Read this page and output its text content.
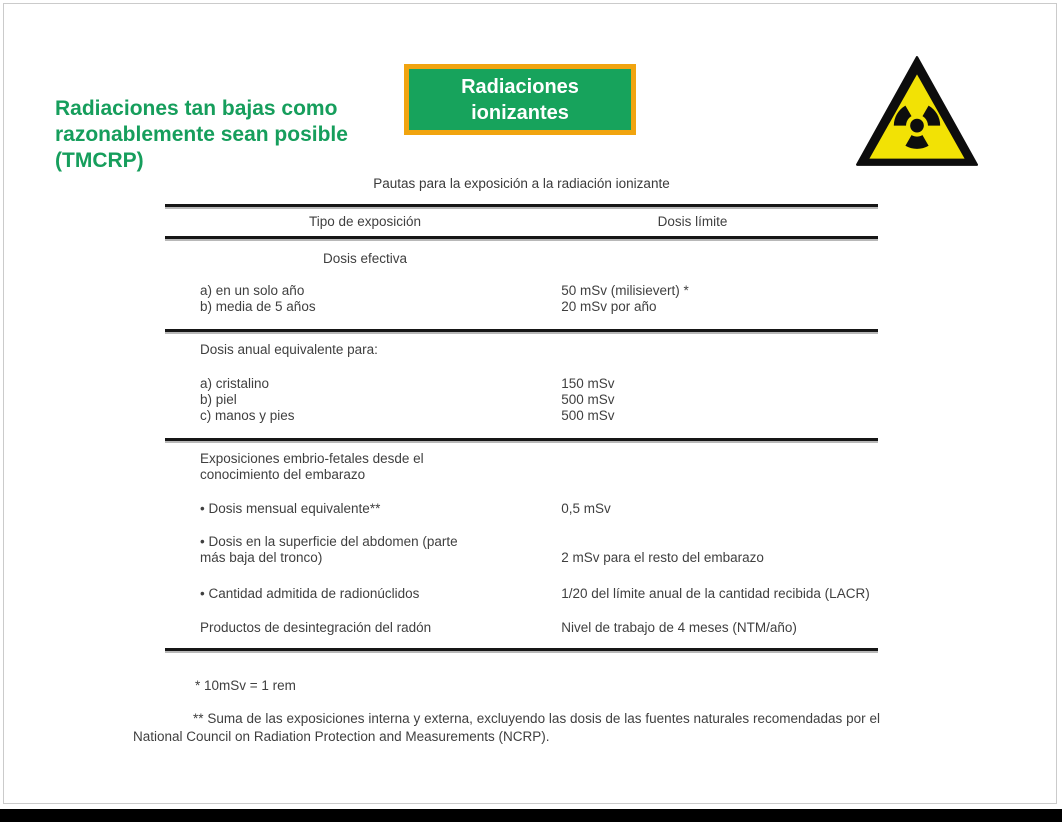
Radiaciones tan bajas como razonablemente sean posible (TMCRP)
Radiaciones ionizantes
Pautas para la exposición a la radiación ionizante
Tipo de exposición	Dosis límite
Dosis efectiva
a) en un solo año	50 mSv (milisievert) *
b) media de 5 años	20 mSv por año
Dosis anual equivalente para:
a) cristalino	150 mSv
b) piel	500 mSv
c) manos y pies	500 mSv
Exposiciones embrio-fetales desde el conocimiento del embarazo
• Dosis mensual equivalente**	0,5 mSv
• Dosis en la superficie del abdomen (parte más baja del tronco)	2 mSv para el resto del embarazo
• Cantidad admitida de radionúclidos	1/20 del límite anual de la cantidad recibida (LACR)
Productos de desintegración del radón	Nivel de trabajo de 4 meses (NTM/año)
* 10mSv = 1 rem
** Suma de las exposiciones interna y externa, excluyendo las dosis de las fuentes naturales recomendadas por el National Council on Radiation Protection and Measurements (NCRP).
